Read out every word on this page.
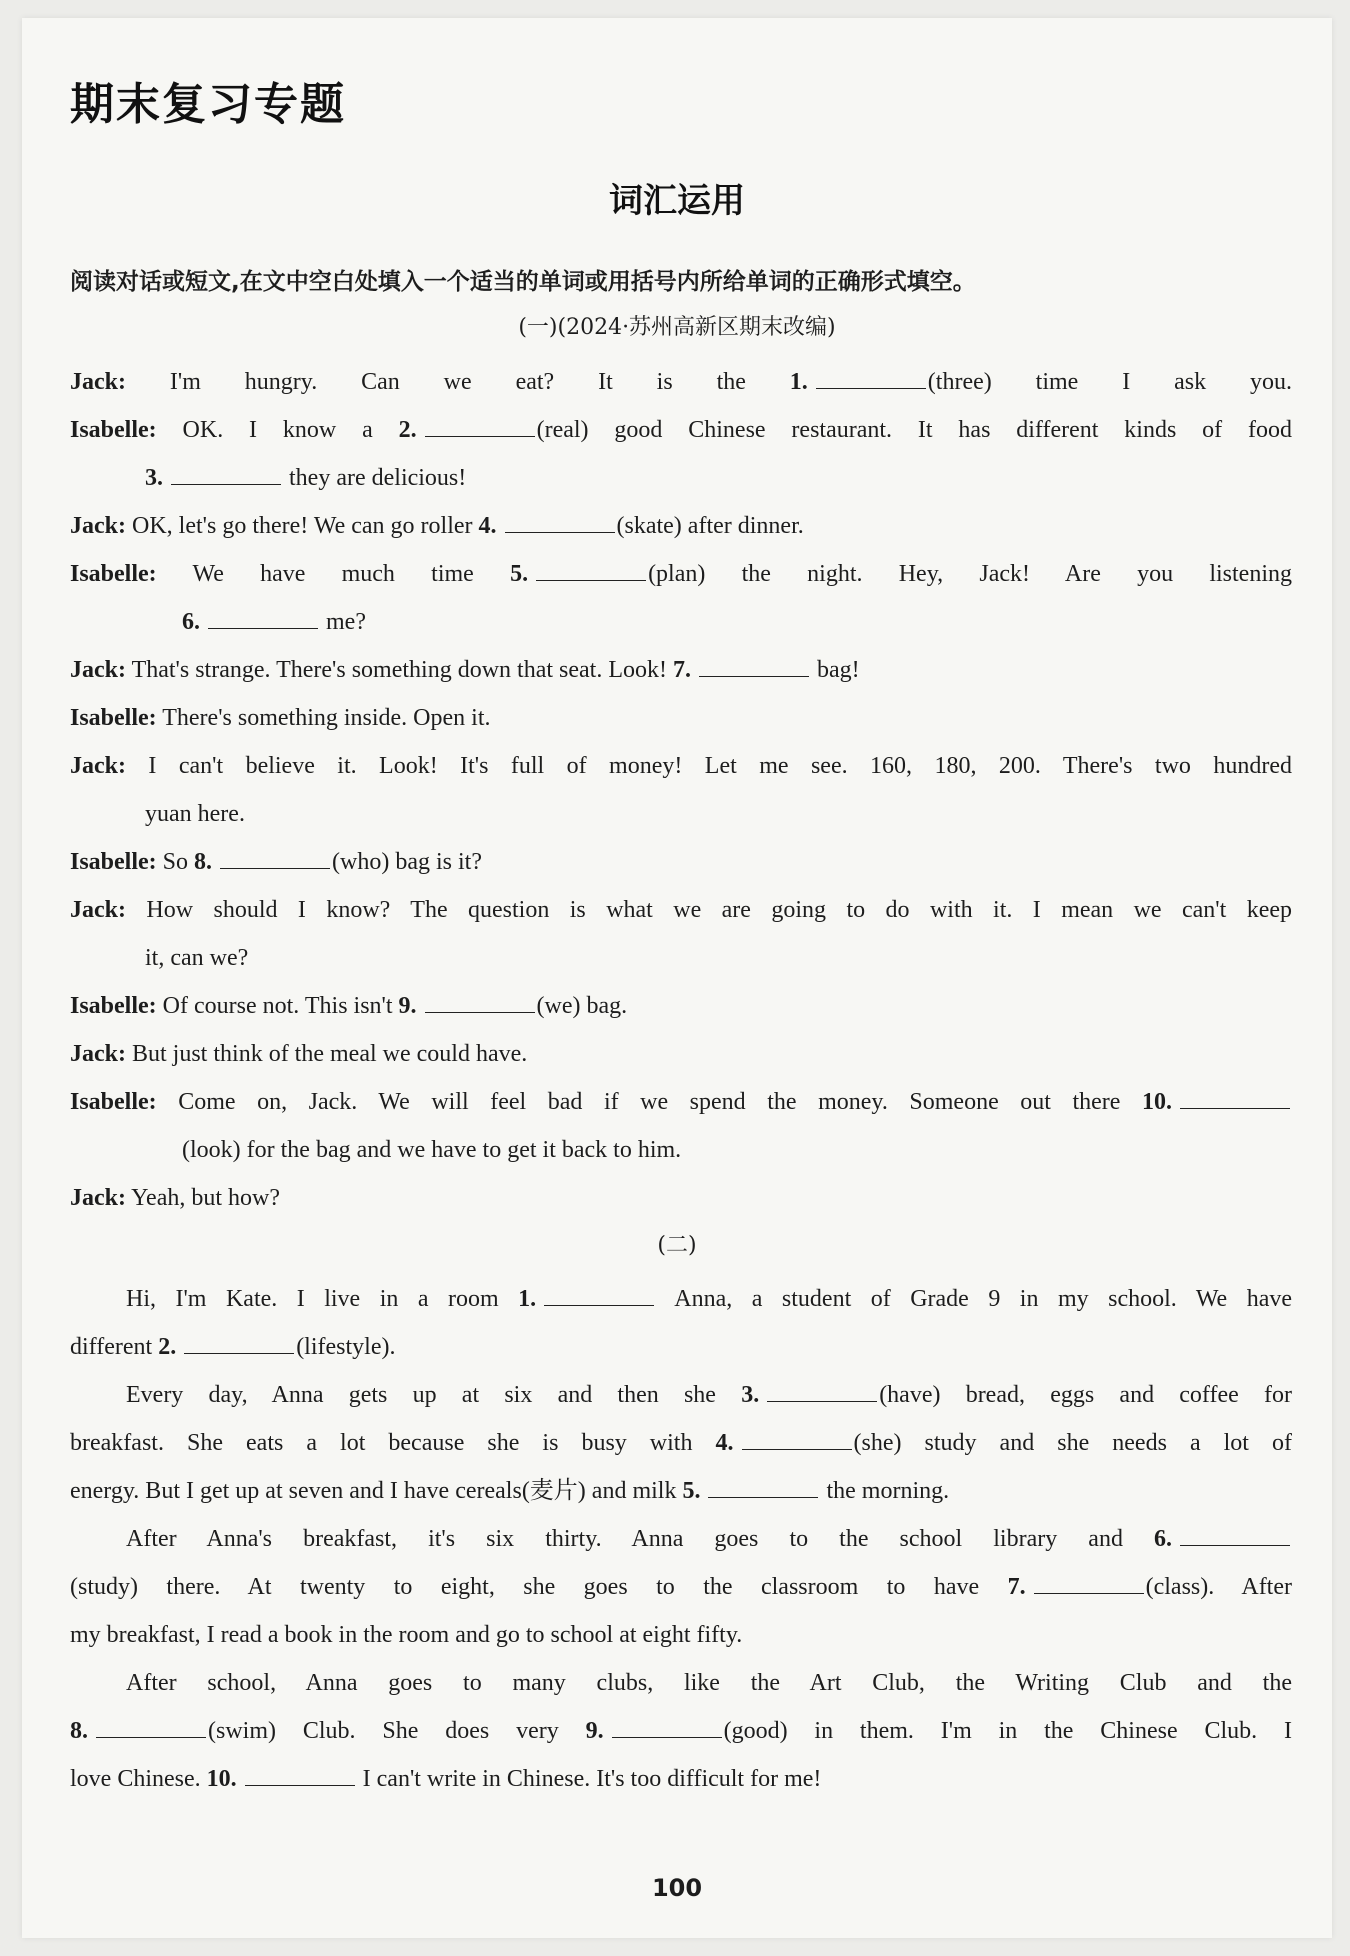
期末复习专题
词汇运用
阅读对话或短文,在文中空白处填入一个适当的单词或用括号内所给单词的正确形式填空。
(一)(2024·苏州高新区期末改编)
Jack: I'm hungry. Can we eat? It is the 1.	(three) time I ask you.
Isabelle: OK. I know a 2.	(real) good Chinese restaurant. It has different kinds of food
3.	they are delicious!
Jack: OK, let's go there! We can go roller 4.	(skate) after dinner.
Isabelle: We have much time 5.	(plan) the night. Hey, Jack! Are you listening
6.	me?
Jack: That's strange. There's something down that seat. Look! 7.	bag!
Isabelle: There's something inside. Open it.
Jack: I can't believe it. Look! It's full of money! Let me see. 160, 180, 200. There's two hundred
yuan here.
Isabelle: So 8.	(who) bag is it?
Jack: How should I know? The question is what we are going to do with it. I mean we can't keep
it, can we?
Isabelle: Of course not. This isn't 9.	(we) bag.
Jack: But just think of the meal we could have.
Isabelle: Come on, Jack. We will feel bad if we spend the money. Someone out there 10.
(look) for the bag and we have to get it back to him.
Jack: Yeah, but how?
(二)
Hi, I'm Kate. I live in a room 1.	Anna, a student of Grade 9 in my school. We have
different 2.	(lifestyle).
Every day, Anna gets up at six and then she 3.	(have) bread, eggs and coffee for
breakfast. She eats a lot because she is busy with 4.	(she) study and she needs a lot of
energy. But I get up at seven and I have cereals(麦片) and milk 5.	the morning.
After Anna's breakfast, it's six thirty. Anna goes to the school library and 6.
(study) there. At twenty to eight, she goes to the classroom to have 7.	(class). After
my breakfast, I read a book in the room and go to school at eight fifty.
After school, Anna goes to many clubs, like the Art Club, the Writing Club and the
8.	(swim) Club. She does very 9.	(good) in them. I'm in the Chinese Club. I
love Chinese. 10.	I can't write in Chinese. It's too difficult for me!
100
